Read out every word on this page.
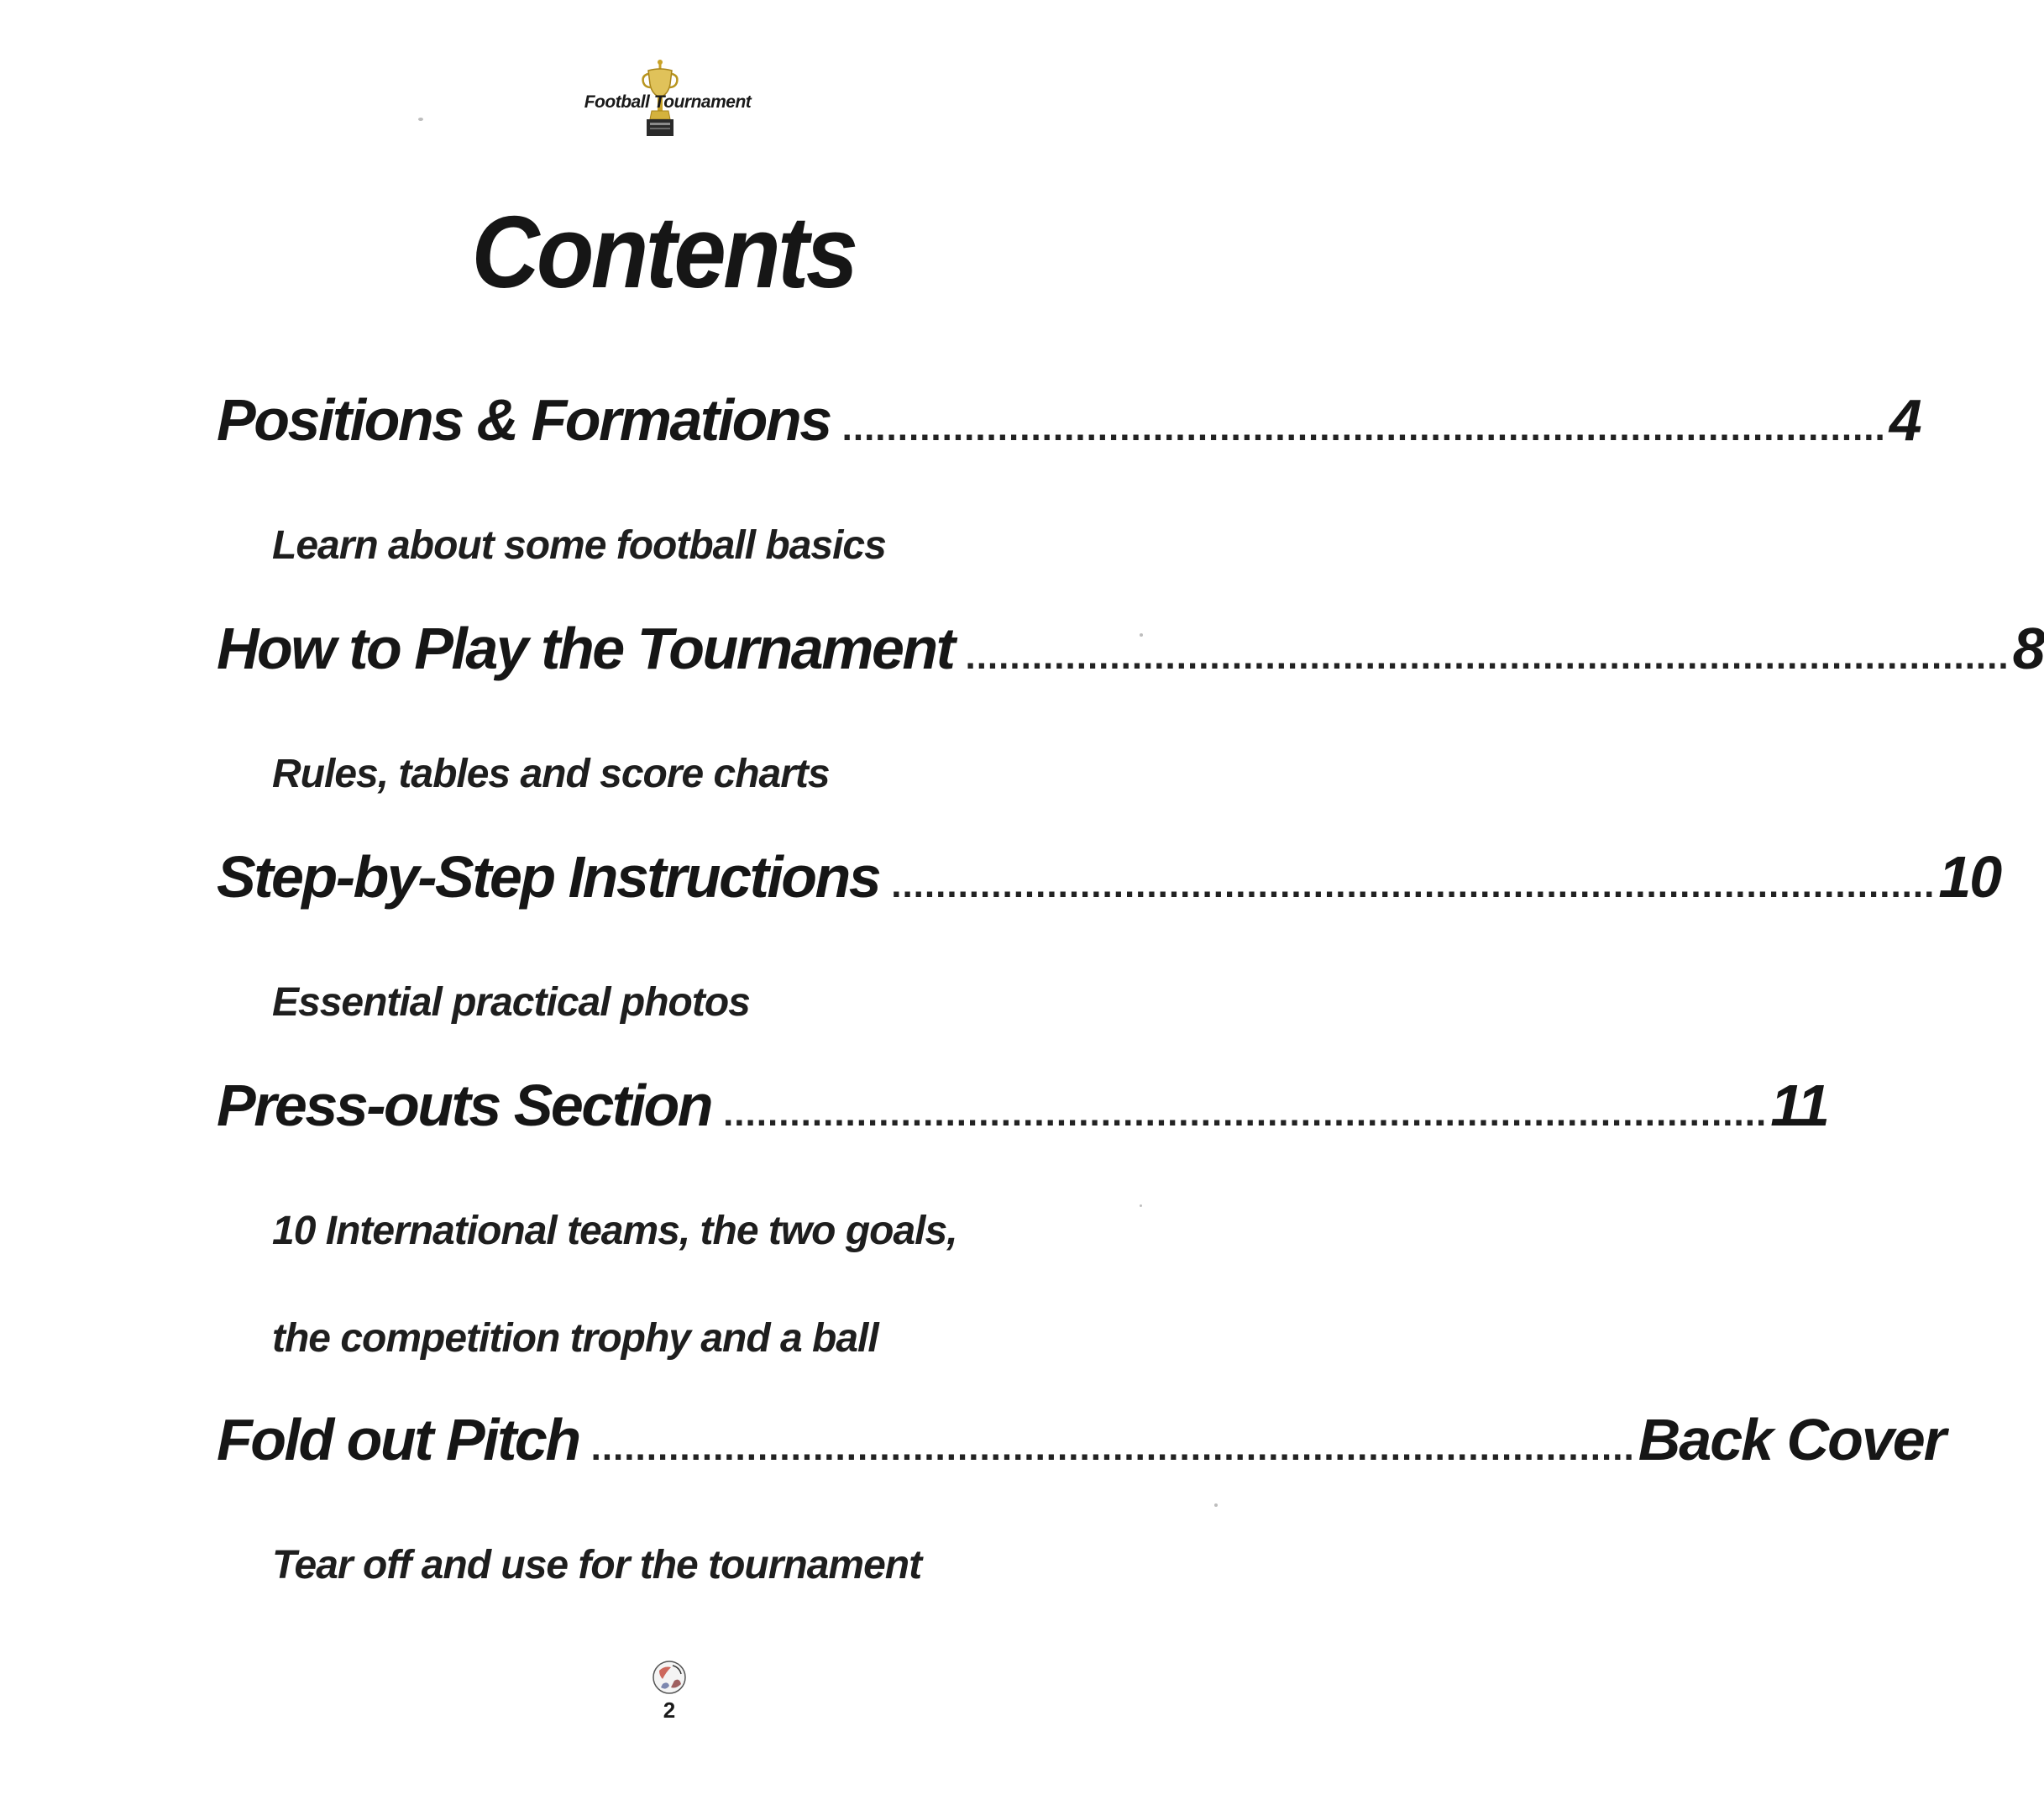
Football Tournament
Contents
Positions & Formations .............................................................................................. 4
Learn about some football basics
How to Play the Tournament .............................................................................................. 8
Rules, tables and score charts
Step-by-Step Instructions .............................................................................................. 10
Essential practical photos
Press-outs Section .............................................................................................. 11
10 International teams, the two goals,
the competition trophy and a ball
Fold out Pitch .............................................................................................. Back Cover
Tear off and use for the tournament
2
